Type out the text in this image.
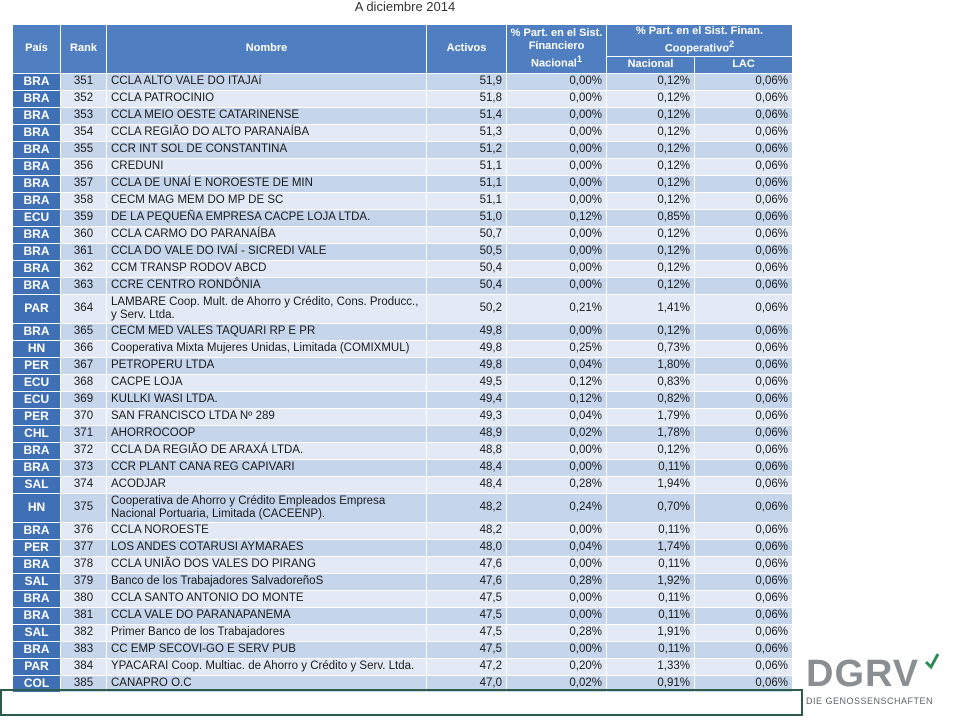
A diciembre 2014
País	Rank	Nombre	Activos	% Part. en el Sist. Financiero Nacional$^1$	% Part. en el Sist. Finan. Cooperativo$^2$
					Nacional	LAC
BRA	351	CCLA ALTO VALE DO ITAJAí	51,9	0,00%	0,12%	0,06%
BRA	352	CCLA PATROCINIO	51,8	0,00%	0,12%	0,06%
BRA	353	CCLA MEIO OESTE CATARINENSE	51,4	0,00%	0,12%	0,06%
BRA	354	CCLA REGIÃO DO ALTO PARANAÍBA	51,3	0,00%	0,12%	0,06%
BRA	355	CCR INT SOL DE CONSTANTINA	51,2	0,00%	0,12%	0,06%
BRA	356	CREDUNI	51,1	0,00%	0,12%	0,06%
BRA	357	CCLA DE UNAÍ E NOROESTE DE MIN	51,1	0,00%	0,12%	0,06%
BRA	358	CECM MAG MEM DO MP DE SC	51,1	0,00%	0,12%	0,06%
ECU	359	DE LA PEQUEÑA EMPRESA CACPE LOJA LTDA.	51,0	0,12%	0,85%	0,06%
BRA	360	CCLA CARMO DO PARANAÍBA	50,7	0,00%	0,12%	0,06%
BRA	361	CCLA DO VALE DO IVAÍ - SICREDI VALE	50,5	0,00%	0,12%	0,06%
BRA	362	CCM TRANSP RODOV ABCD	50,4	0,00%	0,12%	0,06%
BRA	363	CCRE CENTRO RONDÔNIA	50,4	0,00%	0,12%	0,06%
PAR	364	LAMBARE Coop. Mult. de Ahorro y Crédito, Cons. Producc., y Serv. Ltda.	50,2	0,21%	1,41%	0,06%
BRA	365	CECM MED VALES TAQUARI RP E PR	49,8	0,00%	0,12%	0,06%
HN	366	Cooperativa Mixta Mujeres Unidas, Limitada (COMIXMUL)	49,8	0,25%	0,73%	0,06%
PER	367	PETROPERU LTDA	49,8	0,04%	1,80%	0,06%
ECU	368	CACPE LOJA	49,5	0,12%	0,83%	0,06%
ECU	369	KULLKI WASI LTDA.	49,4	0,12%	0,82%	0,06%
PER	370	SAN FRANCISCO LTDA Nº 289	49,3	0,04%	1,79%	0,06%
CHL	371	AHORROCOOP	48,9	0,02%	1,78%	0,06%
BRA	372	CCLA DA REGIÃO DE ARAXÁ LTDA.	48,8	0,00%	0,12%	0,06%
BRA	373	CCR PLANT CANA REG CAPIVARI	48,4	0,00%	0,11%	0,06%
SAL	374	ACODJAR	48,4	0,28%	1,94%	0,06%
HN	375	Cooperativa de Ahorro y Crédito Empleados Empresa Nacional Portuaria, Limitada (CACEENP).	48,2	0,24%	0,70%	0,06%
BRA	376	CCLA NOROESTE	48,2	0,00%	0,11%	0,06%
PER	377	LOS ANDES COTARUSI AYMARAES	48,0	0,04%	1,74%	0,06%
BRA	378	CCLA UNIÃO DOS VALES DO PIRANG	47,6	0,00%	0,11%	0,06%
SAL	379	Banco de los Trabajadores SalvadoreñoS	47,6	0,28%	1,92%	0,06%
BRA	380	CCLA SANTO ANTONIO DO MONTE	47,5	0,00%	0,11%	0,06%
BRA	381	CCLA VALE DO PARANAPANEMA	47,5	0,00%	0,11%	0,06%
SAL	382	Primer Banco de los Trabajadores	47,5	0,28%	1,91%	0,06%
BRA	383	CC EMP SECOVI-GO E SERV PUB	47,5	0,00%	0,11%	0,06%
PAR	384	YPACARAI Coop. Multiac. de Ahorro y Crédito y Serv. Ltda.	47,2	0,20%	1,33%	0,06%
COL	385	CANAPRO O.C	47,0	0,02%	0,91%	0,06% DGRV
DIE GENOSSENSCHAFTEN
